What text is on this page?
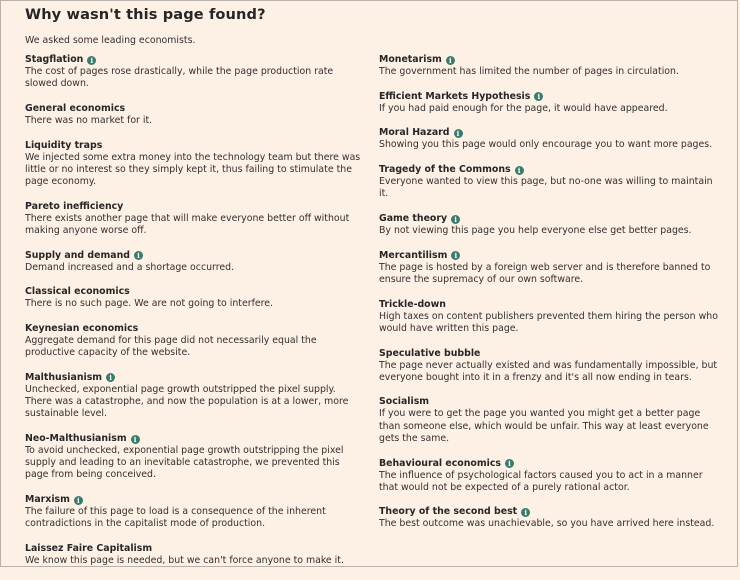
Why wasn't this page found?
We asked some leading economists.
Stagflation	i
The cost of pages rose drastically, while the page production rate slowed down.
General economics
There was no market for it.
Liquidity traps
We injected some extra money into the technology team but there was little or no interest so they simply kept it, thus failing to stimulate the page economy.
Pareto inefficiency
There exists another page that will make everyone better off without making anyone worse off.
Supply and demand	i
Demand increased and a shortage occurred.
Classical economics
There is no such page. We are not going to interfere.
Keynesian economics
Aggregate demand for this page did not necessarily equal the productive capacity of the website.
Malthusianism	i
Unchecked, exponential page growth outstripped the pixel supply. There was a catastrophe, and now the population is at a lower, more sustainable level.
Neo-Malthusianism	i
To avoid unchecked, exponential page growth outstripping the pixel supply and leading to an inevitable catastrophe, we prevented this page from being conceived.
Marxism	i
The failure of this page to load is a consequence of the inherent contradictions in the capitalist mode of production.
Laissez Faire Capitalism
We know this page is needed, but we can't force anyone to make it.
Monetarism	i
The government has limited the number of pages in circulation.
Efficient Markets Hypothesis	i
If you had paid enough for the page, it would have appeared.
Moral Hazard	i
Showing you this page would only encourage you to want more pages.
Tragedy of the Commons	i
Everyone wanted to view this page, but no-one was willing to maintain it.
Game theory	i
By not viewing this page you help everyone else get better pages.
Mercantilism	i
The page is hosted by a foreign web server and is therefore banned to ensure the supremacy of our own software.
Trickle-down
High taxes on content publishers prevented them hiring the person who would have written this page.
Speculative bubble
The page never actually existed and was fundamentally impossible, but everyone bought into it in a frenzy and it's all now ending in tears.
Socialism
If you were to get the page you wanted you might get a better page than someone else, which would be unfair. This way at least everyone gets the same.
Behavioural economics	i
The influence of psychological factors caused you to act in a manner that would not be expected of a purely rational actor.
Theory of the second best	i
The best outcome was unachievable, so you have arrived here instead.
